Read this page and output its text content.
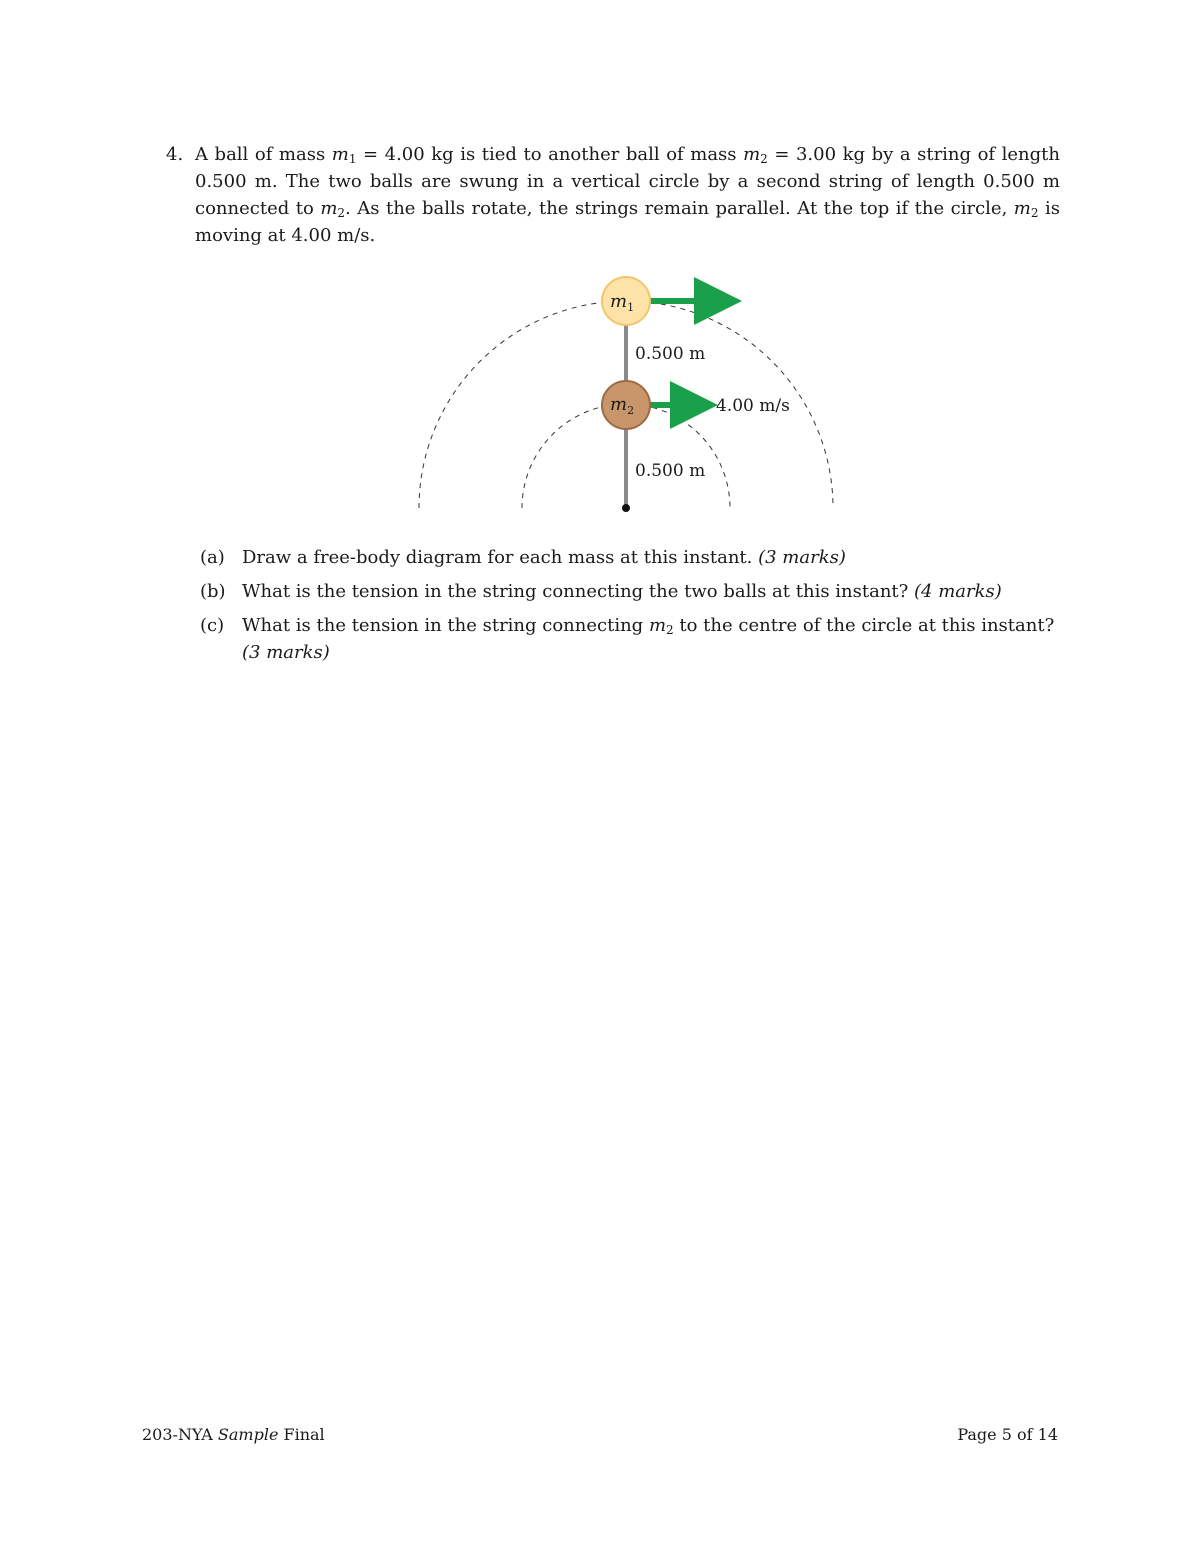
4. A ball of mass $m_1 = 4.00$ kg is tied to another ball of mass $m_2 = 3.00$ kg by a string of length 0.500 m. The two balls are swung in a vertical circle by a second string of length 0.500 m connected to $m_2$. As the balls rotate, the strings remain parallel. At the top if the circle, $m_2$ is moving at 4.00 m/s.
$m_1$
$m_2$
0.500 m
0.500 m
4.00 m/s
(a) Draw a free-body diagram for each mass at this instant. (3 marks)
(b) What is the tension in the string connecting the two balls at this instant? (4 marks)
(c) What is the tension in the string connecting $m_2$ to the centre of the circle at this instant? (3 marks)
203-NYA Sample Final	Page 5 of 14
